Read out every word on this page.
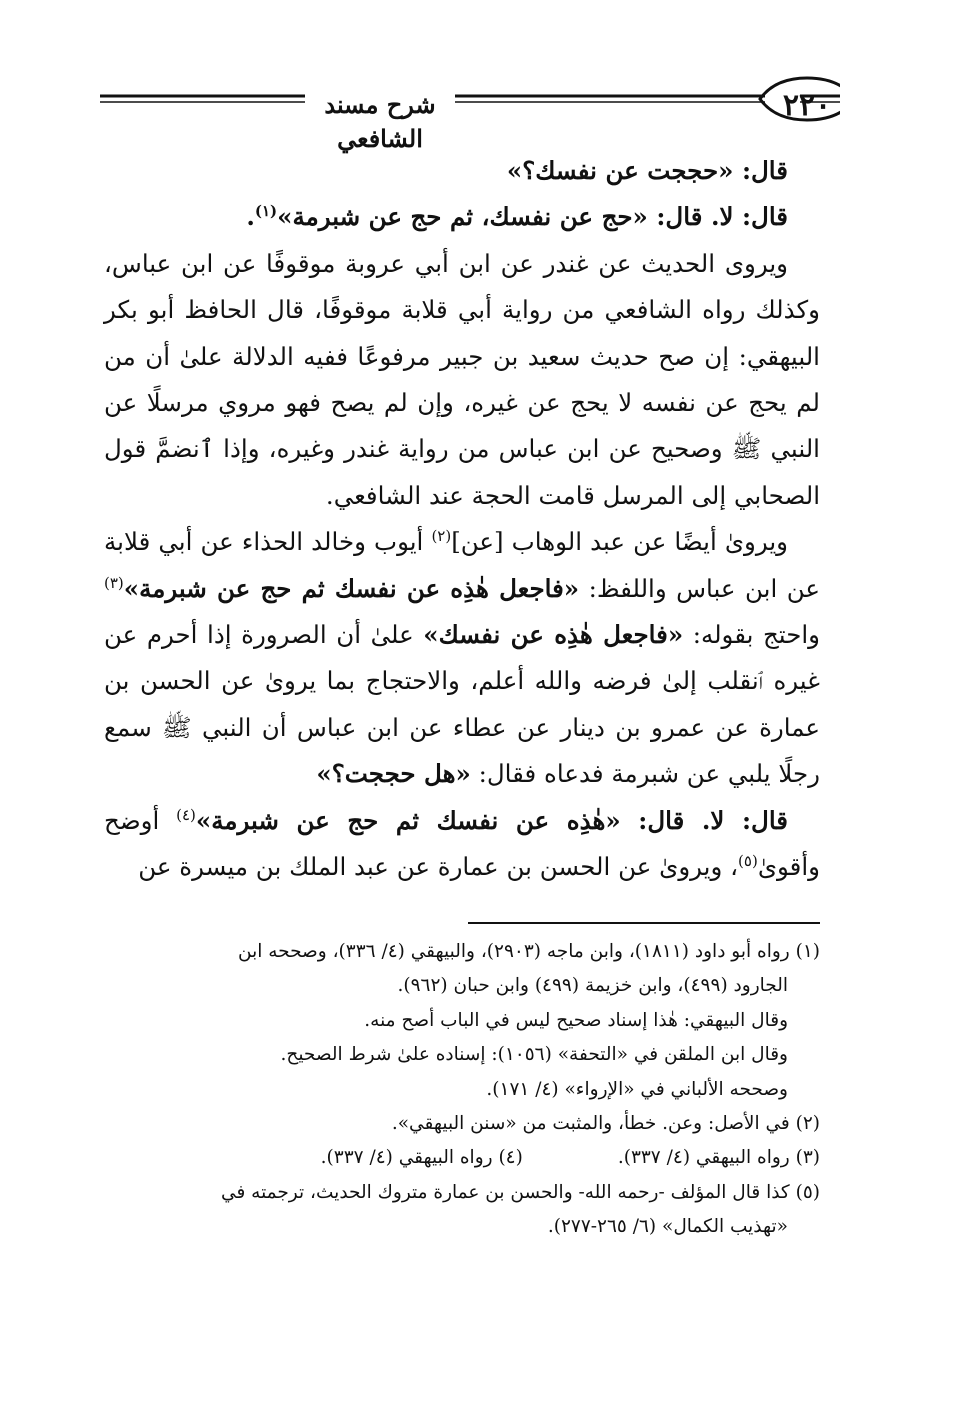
٢٢٠
شرح مسند الشافعي

قال: «حججت عن نفسك؟»

قال: لا. قال: «حج عن نفسك، ثم حج عن شبرمة»$^{(١)}$.

ويروى الحديث عن غندر عن ابن أبي عروبة موقوفًا عن ابن عباس، وكذلك رواه الشافعي من رواية أبي قلابة موقوفًا، قال الحافظ أبو بكر البيهقي: إن صح حديث سعيد بن جبير مرفوعًا ففيه الدلالة علىٰ أن من لم يحج عن نفسه لا يحج عن غيره، وإن لم يصح فهو مروي مرسلًا عن النبي ﷺ وصحيح عن ابن عباس من رواية غندر وغيره، وإذا ٱنضمَّ قول الصحابي إلى المرسل قامت الحجة عند الشافعي.

ويروىٰ أيضًا عن عبد الوهاب [عن]$^{(٢)}$ أيوب وخالد الحذاء عن أبي قلابة عن ابن عباس واللفظ: «فاجعل هٰذِه عن نفسك ثم حج عن شبرمة»$^{(٣)}$ واحتج بقوله: «فاجعل هٰذِه عن نفسك» علىٰ أن الصرورة إذا أحرم عن غيره ٱنقلب إلىٰ فرضه والله أعلم، والاحتجاج بما يرویٰ عن الحسن بن عمارة عن عمرو بن دينار عن عطاء عن ابن عباس أن النبي ﷺ سمع رجلًا يلبي عن شبرمة فدعاه فقال: «هل حججت؟»

قال: لا. قال: «هٰذِه عن نفسك ثم حج عن شبرمة»$^{(٤)}$ أوضح وأقوىٰ$^{(٥)}$، ويروىٰ عن الحسن بن عمارة عن عبد الملك بن ميسرة عن

(١) رواه أبو داود (١٨١١)، وابن ماجه (٢٩٠٣)، والبيهقي (٤/ ٣٣٦)، وصححه ابن

الجارود (٤٩٩)، وابن خزيمة (٤٩٩) وابن حبان (٩٦٢).

وقال البيهقي: هٰذا إسناد صحيح ليس في الباب أصح منه.

وقال ابن الملقن في «التحفة» (١٠٥٦): إسناده علىٰ شرط الصحيح.

وصححه الألباني في «الإرواء» (٤/ ١٧١).

(٢) في الأصل: وعن. خطأ، والمثبت من «سنن البيهقي».

(٣) رواه البيهقي (٤/ ٣٣٧).(٤) رواه البيهقي (٤/ ٣٣٧).

(٥) كذا قال المؤلف -رحمه الله- والحسن بن عمارة متروك الحديث، ترجمته في

«تهذيب الكمال» (٦/ ٢٦٥-٢٧٧).
